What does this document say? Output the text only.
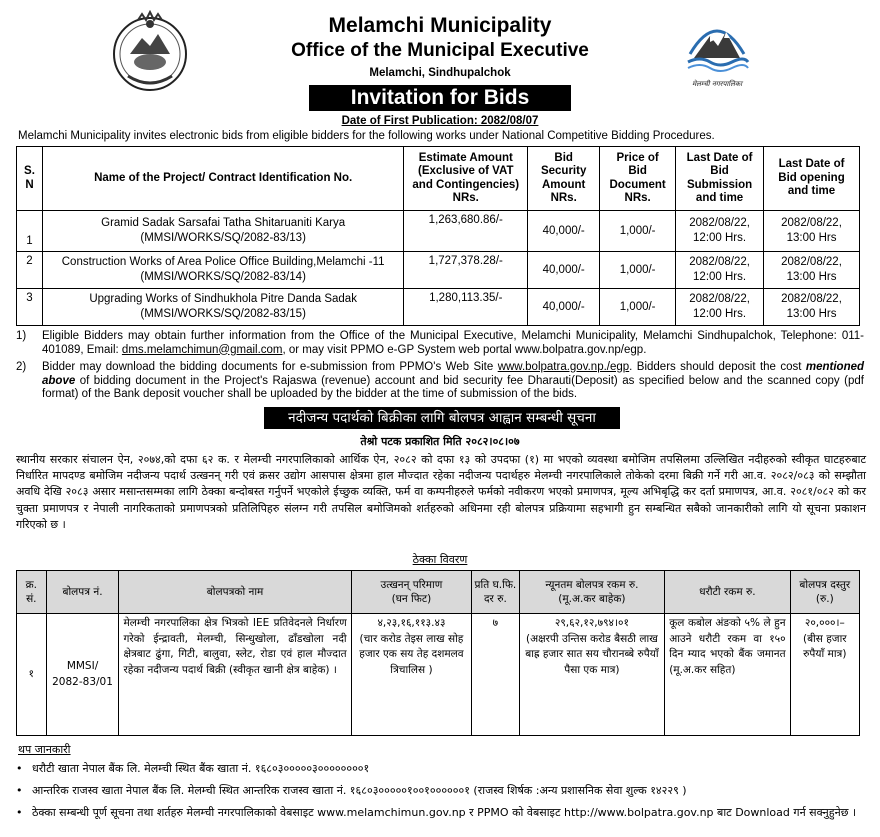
Melamchi Municipality
Office of the Municipal Executive
Melamchi, Sindhupalchok
Invitation for Bids
मेलम्ची नगरपालिका
Date of First Publication: 2082/08/07
Melamchi Municipality invites electronic bids from eligible bidders for the following works under National Competitive Bidding Procedures.
S.
N	Name of the Project/ Contract Identification No.	Estimate Amount
(Exclusive of VAT
and Contingencies)
NRs.	Bid
Security
Amount
NRs.	Price of
Bid
Document
NRs.	Last Date of
Bid
Submission
and time	Last Date of
Bid opening
and time
1	Gramid Sadak Sarsafai Tatha Shitaruaniti Karya
(MMSI/WORKS/SQ/2082-83/13)	1,263,680.86/-	40,000/-	1,000/-	2082/08/22,
12:00 Hrs.	2082/08/22,
13:00 Hrs
2	Construction Works of Area Police Office Building,Melamchi -11
(MMSI/WORKS/SQ/2082-83/14)	1,727,378.28/-	40,000/-	1,000/-	2082/08/22,
12:00 Hrs.	2082/08/22,
13:00 Hrs
3	Upgrading Works of Sindhukhola Pitre Danda Sadak
(MMSI/WORKS/SQ/2082-83/15)	1,280,113.35/-	40,000/-	1,000/-	2082/08/22,
12:00 Hrs.	2082/08/22,
13:00 Hrs
1) Eligible Bidders may obtain further information from the Office of the Municipal Executive, Melamchi Municipality, Melamchi Sindhupalchok, Telephone: 011-401089, Email: dms.melamchimun@gmail.com, or may visit PPMO e-GP System web portal www.bolpatra.gov.np/egp.
2) Bidder may download the bidding documents for e-submission from PPMO's Web Site www.bolpatra.gov.np./egp. Bidders should deposit the cost mentioned above of bidding document in the Project's Rajaswa (revenue) account and bid security fee Dharauti(Deposit) as specified below and the scanned copy (pdf format) of the Bank deposit voucher shall be uploaded by the bidder at the time of submission of the bids.
नदीजन्य पदार्थको बिक्रीका लागि बोलपत्र आह्वान सम्बन्धी सूचना
तेश्रो पटक प्रकाशित मिति २०८२।०८।०७
स्थानीय सरकार संचालन ऐन, २०७४,को दफा ६२ क. र मेलम्ची नगरपालिकाको आर्थिक ऐन, २०८२ को दफा १३ को उपदफा (१) मा भएको व्यवस्था बमोजिम तपसिलमा उल्लिखित नदीहरुको स्वीकृत घाटहरुबाट निर्धारित मापदण्ड बमोजिम नदीजन्य पदार्थ उत्खनन् गरी एवं क्रसर उद्योग आसपास क्षेत्रमा हाल मौज्दात रहेका नदीजन्य पदार्थहरु मेलम्ची नगरपालिकाले तोकेको दरमा बिक्री गर्ने गरी आ.व. २०८२/०८३ को सम्झौता अवधि देखि २०८३ असार मसान्तसम्मका लागि ठेक्का बन्दोबस्त गर्नुपर्ने भएकोले ईच्छुक व्यक्ति, फर्म वा कम्पनीहरुले फर्मको नवीकरण भएको प्रमाणपत्र, मूल्य अभिबृद्धि कर दर्ता प्रमाणपत्र, आ.व. २०८१/०८२ को कर चुक्ता प्रमाणपत्र र नेपाली नागरिकताको प्रमाणपत्रको प्रतिलिपिहरु संलग्न गरी तपसिल बमोजिमको शर्तहरुको अधिनमा रही बोलपत्र प्रक्रियामा सहभागी हुन सम्बन्धित सबैको जानकारीको लागि यो सूचना प्रकाशन गरिएको छ ।
ठेक्का विवरण
क्र. सं.	बोलपत्र नं.	बोलपत्रको नाम	उत्खनन् परिमाण
(घन फिट)	प्रति घ.फि.
दर रु.	न्यूनतम बोलपत्र रकम रु.
(मू.अ.कर बाहेक)	धरौटी रकम रु.	बोलपत्र दस्तुर
(रु.)
१	MMSI/
2082-83/01	मेलम्ची नगरपालिका क्षेत्र भित्रको IEE प्रतिवेदनले निर्धारण गरेको ईन्द्रावती, मेलम्ची, सिन्धुखोला, ढाँडखोला नदी क्षेत्रबाट ढुंगा, गिटी, बालुवा, स्लेट, रोडा एवं हाल मौज्दात रहेका नदीजन्य पदार्थ बिक्री (स्वीकृत खानी क्षेत्र बाहेक) ।	४,२३,१६,११३.४३
(चार करोड तेइस लाख सोह हजार एक सय तेह दशमलव त्रिचालिस )	७	२९,६२,१२,७९४।०१
(अक्षरपी उन्तिस करोड बैसठी लाख बाह्र हजार सात सय चौरानब्बे रुपैयाँ पैसा एक मात्र)	कूल कबोल अंङको ५% ले हुन आउने धरौटी रकम वा १५० दिन म्याद भएको बैंक जमानत (मू.अ.कर सहित)	२०,०००।–
(बीस हजार रुपैयाँ मात्र)
थप जानकारी
• धरौटी खाता नेपाल बैंक लि. मेलम्ची स्थित बैंक खाता नं. १६८०३०००००३००००००००१
• आन्तरिक राजस्व खाता नेपाल बैंक लि. मेलम्ची स्थित आन्तरिक राजस्व खाता नं. १६८०३०००००१००१००००००१ (राजस्व शिर्षक :अन्य प्रशासनिक सेवा शुल्क १४२२९ )
• ठेक्का सम्बन्धी पूर्ण सूचना तथा शर्तहरु मेलम्ची नगरपालिकाको वेबसाइट www.melamchimun.gov.np र PPMO को वेबसाइट http://www.bolpatra.gov.np बाट Download गर्न सक्नुहुनेछ ।
